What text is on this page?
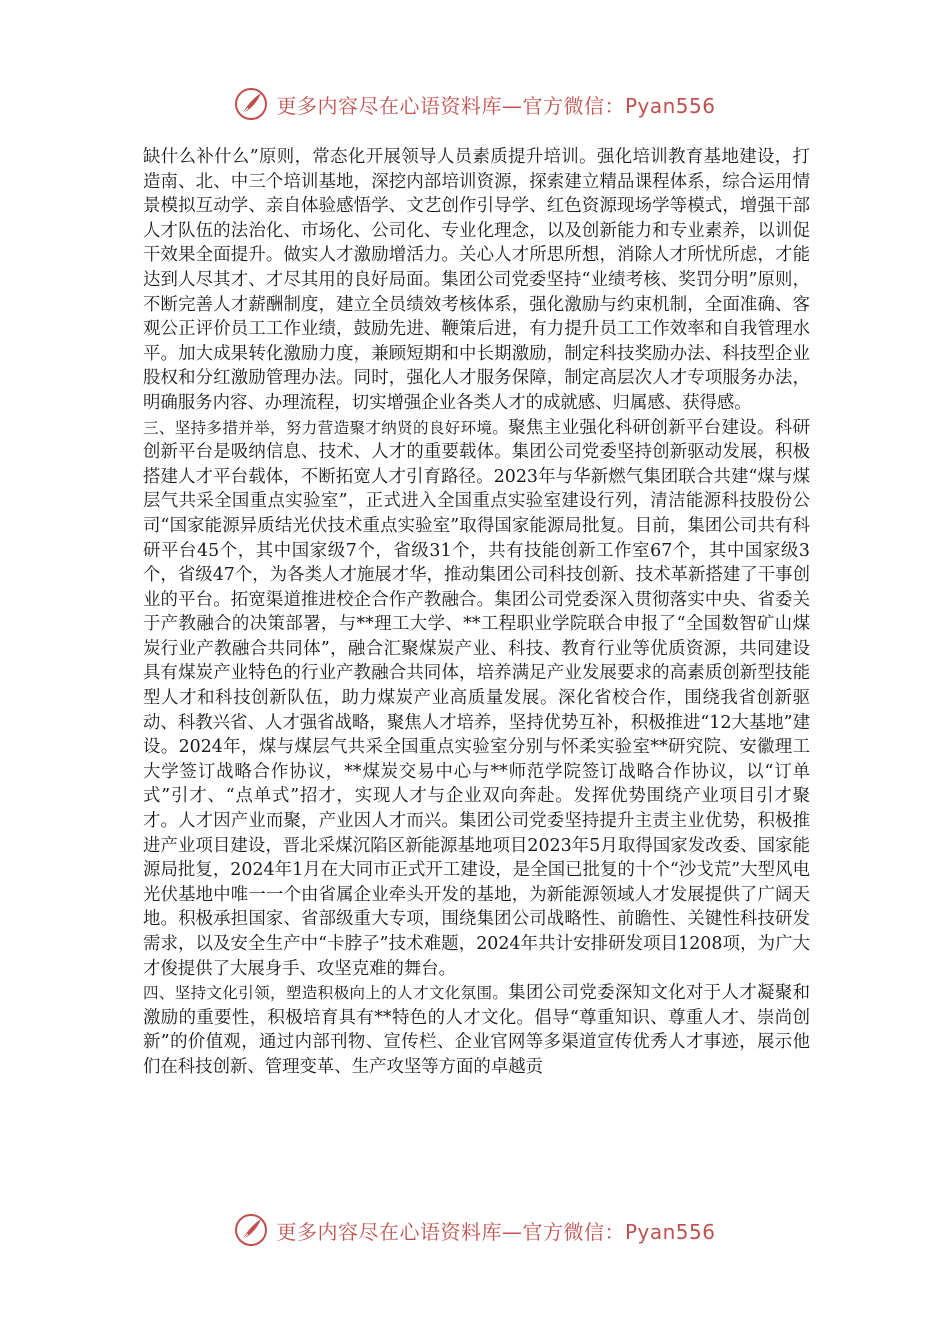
更多内容尽在心语资料库—官方微信：Pyan556

缺什么补什么”原则，常态化开展领导人员素质提升培训。强化培训教育基地建设，打造南、北、中三个培训基地，深挖内部培训资源，探索建立精品课程体系，综合运用情景模拟互动学、亲自体验感悟学、文艺创作引导学、红色资源现场学等模式，增强干部人才队伍的法治化、市场化、公司化、专业化理念，以及创新能力和专业素养，以训促干效果全面提升。做实人才激励增活力。关心人才所思所想，消除人才所忧所虑，才能达到人尽其才、才尽其用的良好局面。集团公司党委坚持“业绩考核、奖罚分明”原则，不断完善人才薪酬制度，建立全员绩效考核体系，强化激励与约束机制，全面准确、客观公正评价员工工作业绩，鼓励先进、鞭策后进，有力提升员工工作效率和自我管理水平。加大成果转化激励力度，兼顾短期和中长期激励，制定科技奖励办法、科技型企业股权和分红激励管理办法。同时，强化人才服务保障，制定高层次人才专项服务办法，明确服务内容、办理流程，切实增强企业各类人才的成就感、归属感、获得感。

三、坚持多措并举，努力营造聚才纳贤的良好环境。聚焦主业强化科研创新平台建设。科研创新平台是吸纳信息、技术、人才的重要载体。集团公司党委坚持创新驱动发展，积极搭建人才平台载体，不断拓宽人才引育路径。2023年与华新燃气集团联合共建“煤与煤层气共采全国重点实验室”，正式进入全国重点实验室建设行列，清洁能源科技股份公司“国家能源异质结光伏技术重点实验室”取得国家能源局批复。目前，集团公司共有科研平台45个，其中国家级7个，省级31个，共有技能创新工作室67个，其中国家级3个，省级47个，为各类人才施展才华，推动集团公司科技创新、技术革新搭建了干事创业的平台。拓宽渠道推进校企合作产教融合。集团公司党委深入贯彻落实中央、省委关于产教融合的决策部署，与**理工大学、**工程职业学院联合申报了“全国数智矿山煤炭行业产教融合共同体”，融合汇聚煤炭产业、科技、教育行业等优质资源，共同建设具有煤炭产业特色的行业产教融合共同体，培养满足产业发展要求的高素质创新型技能型人才和科技创新队伍，助力煤炭产业高质量发展。深化省校合作，围绕我省创新驱动、科教兴省、人才强省战略，聚焦人才培养，坚持优势互补，积极推进“12大基地”建设。2024年，煤与煤层气共采全国重点实验室分别与怀柔实验室**研究院、安徽理工大学签订战略合作协议，**煤炭交易中心与**师范学院签订战略合作协议，以“订单式”引才、“点单式”招才，实现人才与企业双向奔赴。发挥优势围绕产业项目引才聚才。人才因产业而聚，产业因人才而兴。集团公司党委坚持提升主责主业优势，积极推进产业项目建设，晋北采煤沉陷区新能源基地项目2023年5月取得国家发改委、国家能源局批复，2024年1月在大同市正式开工建设，是全国已批复的十个“沙戈荒”大型风电光伏基地中唯一一个由省属企业牵头开发的基地，为新能源领域人才发展提供了广阔天地。积极承担国家、省部级重大专项，围绕集团公司战略性、前瞻性、关键性科技研发需求，以及安全生产中“卡脖子”技术难题，2024年共计安排研发项目1208项，为广大才俊提供了大展身手、攻坚克难的舞台。

四、坚持文化引领，塑造积极向上的人才文化氛围。集团公司党委深知文化对于人才凝聚和激励的重要性，积极培育具有**特色的人才文化。倡导“尊重知识、尊重人才、崇尚创新”的价值观，通过内部刊物、宣传栏、企业官网等多渠道宣传优秀人才事迹，展示他们在科技创新、管理变革、生产攻坚等方面的卓越贡

更多内容尽在心语资料库—官方微信：Pyan556
